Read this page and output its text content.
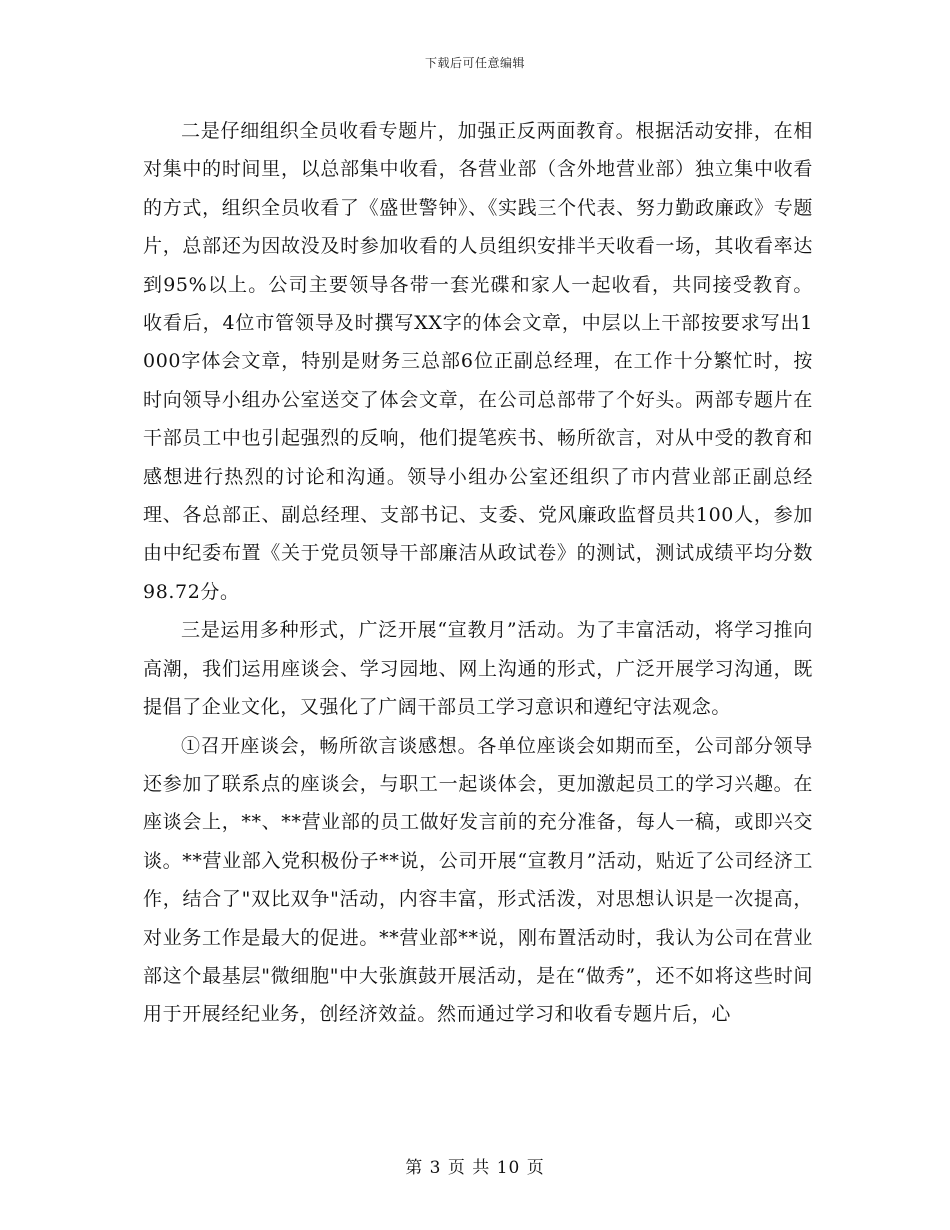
下载后可任意编辑

二是仔细组织全员收看专题片，加强正反两面教育。根据活动安排，在相对集中的时间里，以总部集中收看，各营业部（含外地营业部）独立集中收看的方式，组织全员收看了《盛世警钟》、《实践三个代表、努力勤政廉政》专题片，总部还为因故没及时参加收看的人员组织安排半天收看一场，其收看率达到95%以上。公司主要领导各带一套光碟和家人一起收看，共同接受教育。收看后，4位市管领导及时撰写XX字的体会文章，中层以上干部按要求写出1000字体会文章，特别是财务三总部6位正副总经理，在工作十分繁忙时，按时向领导小组办公室送交了体会文章，在公司总部带了个好头。两部专题片在干部员工中也引起强烈的反响，他们提笔疾书、畅所欲言，对从中受的教育和感想进行热烈的讨论和沟通。领导小组办公室还组织了市内营业部正副总经理、各总部正、副总经理、支部书记、支委、党风廉政监督员共100人，参加由中纪委布置《关于党员领导干部廉洁从政试卷》的测试，测试成绩平均分数98.72分。

三是运用多种形式，广泛开展“宣教月”活动。为了丰富活动，将学习推向高潮，我们运用座谈会、学习园地、网上沟通的形式，广泛开展学习沟通，既提倡了企业文化，又强化了广阔干部员工学习意识和遵纪守法观念。

①召开座谈会，畅所欲言谈感想。各单位座谈会如期而至，公司部分领导还参加了联系点的座谈会，与职工一起谈体会，更加激起员工的学习兴趣。在座谈会上，**、**营业部的员工做好发言前的充分准备，每人一稿，或即兴交谈。**营业部入党积极份子**说，公司开展“宣教月”活动，贴近了公司经济工作，结合了"双比双争"活动，内容丰富，形式活泼，对思想认识是一次提高，对业务工作是最大的促进。**营业部**说，刚布置活动时，我认为公司在营业部这个最基层"微细胞"中大张旗鼓开展活动，是在“做秀”，还不如将这些时间用于开展经纪业务，创经济效益。然而通过学习和收看专题片后，心

第 3 页 共 10 页
